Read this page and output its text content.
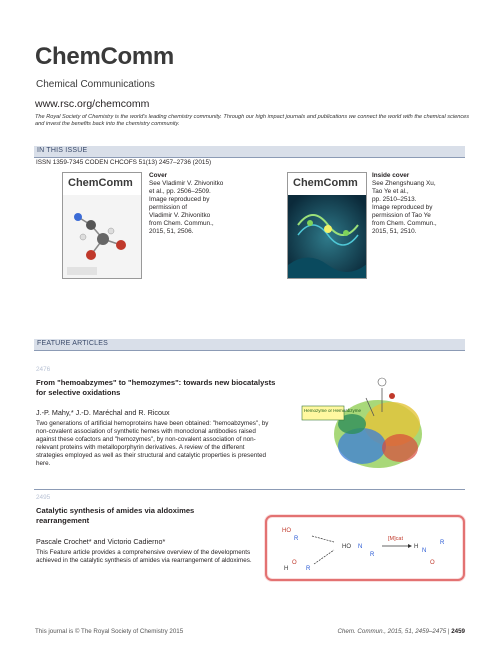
ChemComm
Chemical Communications
www.rsc.org/chemcomm
The Royal Society of Chemistry is the world's leading chemistry community. Through our high impact journals and publications we connect the world with the chemical sciences and invest the benefits back into the chemistry community.
IN THIS ISSUE
ISSN 1359-7345 CODEN CHCOFS 51(13) 2457–2736 (2015)
ChemComm
Cover
See Vladimir V. Zhivonitko
et al., pp. 2506–2509.
Image reproduced by
permission of
Vladimir V. Zhivonitko
from Chem. Commun.,
2015, 51, 2506.
ChemComm
Inside cover
See Zhengshuang Xu,
Tao Ye et al.,
pp. 2510–2513.
Image reproduced by
permission of Tao Ye
from Chem. Commun.,
2015, 51, 2510.
FEATURE ARTICLES
2476
From "hemoabzymes" to "hemozymes": towards new biocatalysts for selective oxidations
J.-P. Mahy,* J.-D. Maréchal and R. Ricoux
Two generations of artificial hemoproteins have been obtained: "hemoabzymes", by non-covalent association of synthetic hemes with monoclonal antibodies raised against these cofactors and "hemozymes", by non-covalent association of non-relevant proteins with metalloporphyrin derivatives. A review of the different strategies employed as well as their structural and catalytic properties is presented here.
Hemozyme or Hemoabzyme
2495
Catalytic synthesis of amides via aldoximes rearrangement
Pascale Crochet* and Victorio Cadierno*
This Feature article provides a comprehensive overview of the developments achieved in the catalytic synthesis of amides via rearrangement of aldoximes.
HO
R
O
H	R
HO N
R
H
N
R
O
[M]cat
This journal is © The Royal Society of Chemistry 2015	Chem. Commun., 2015, 51, 2459–2475 | 2459
